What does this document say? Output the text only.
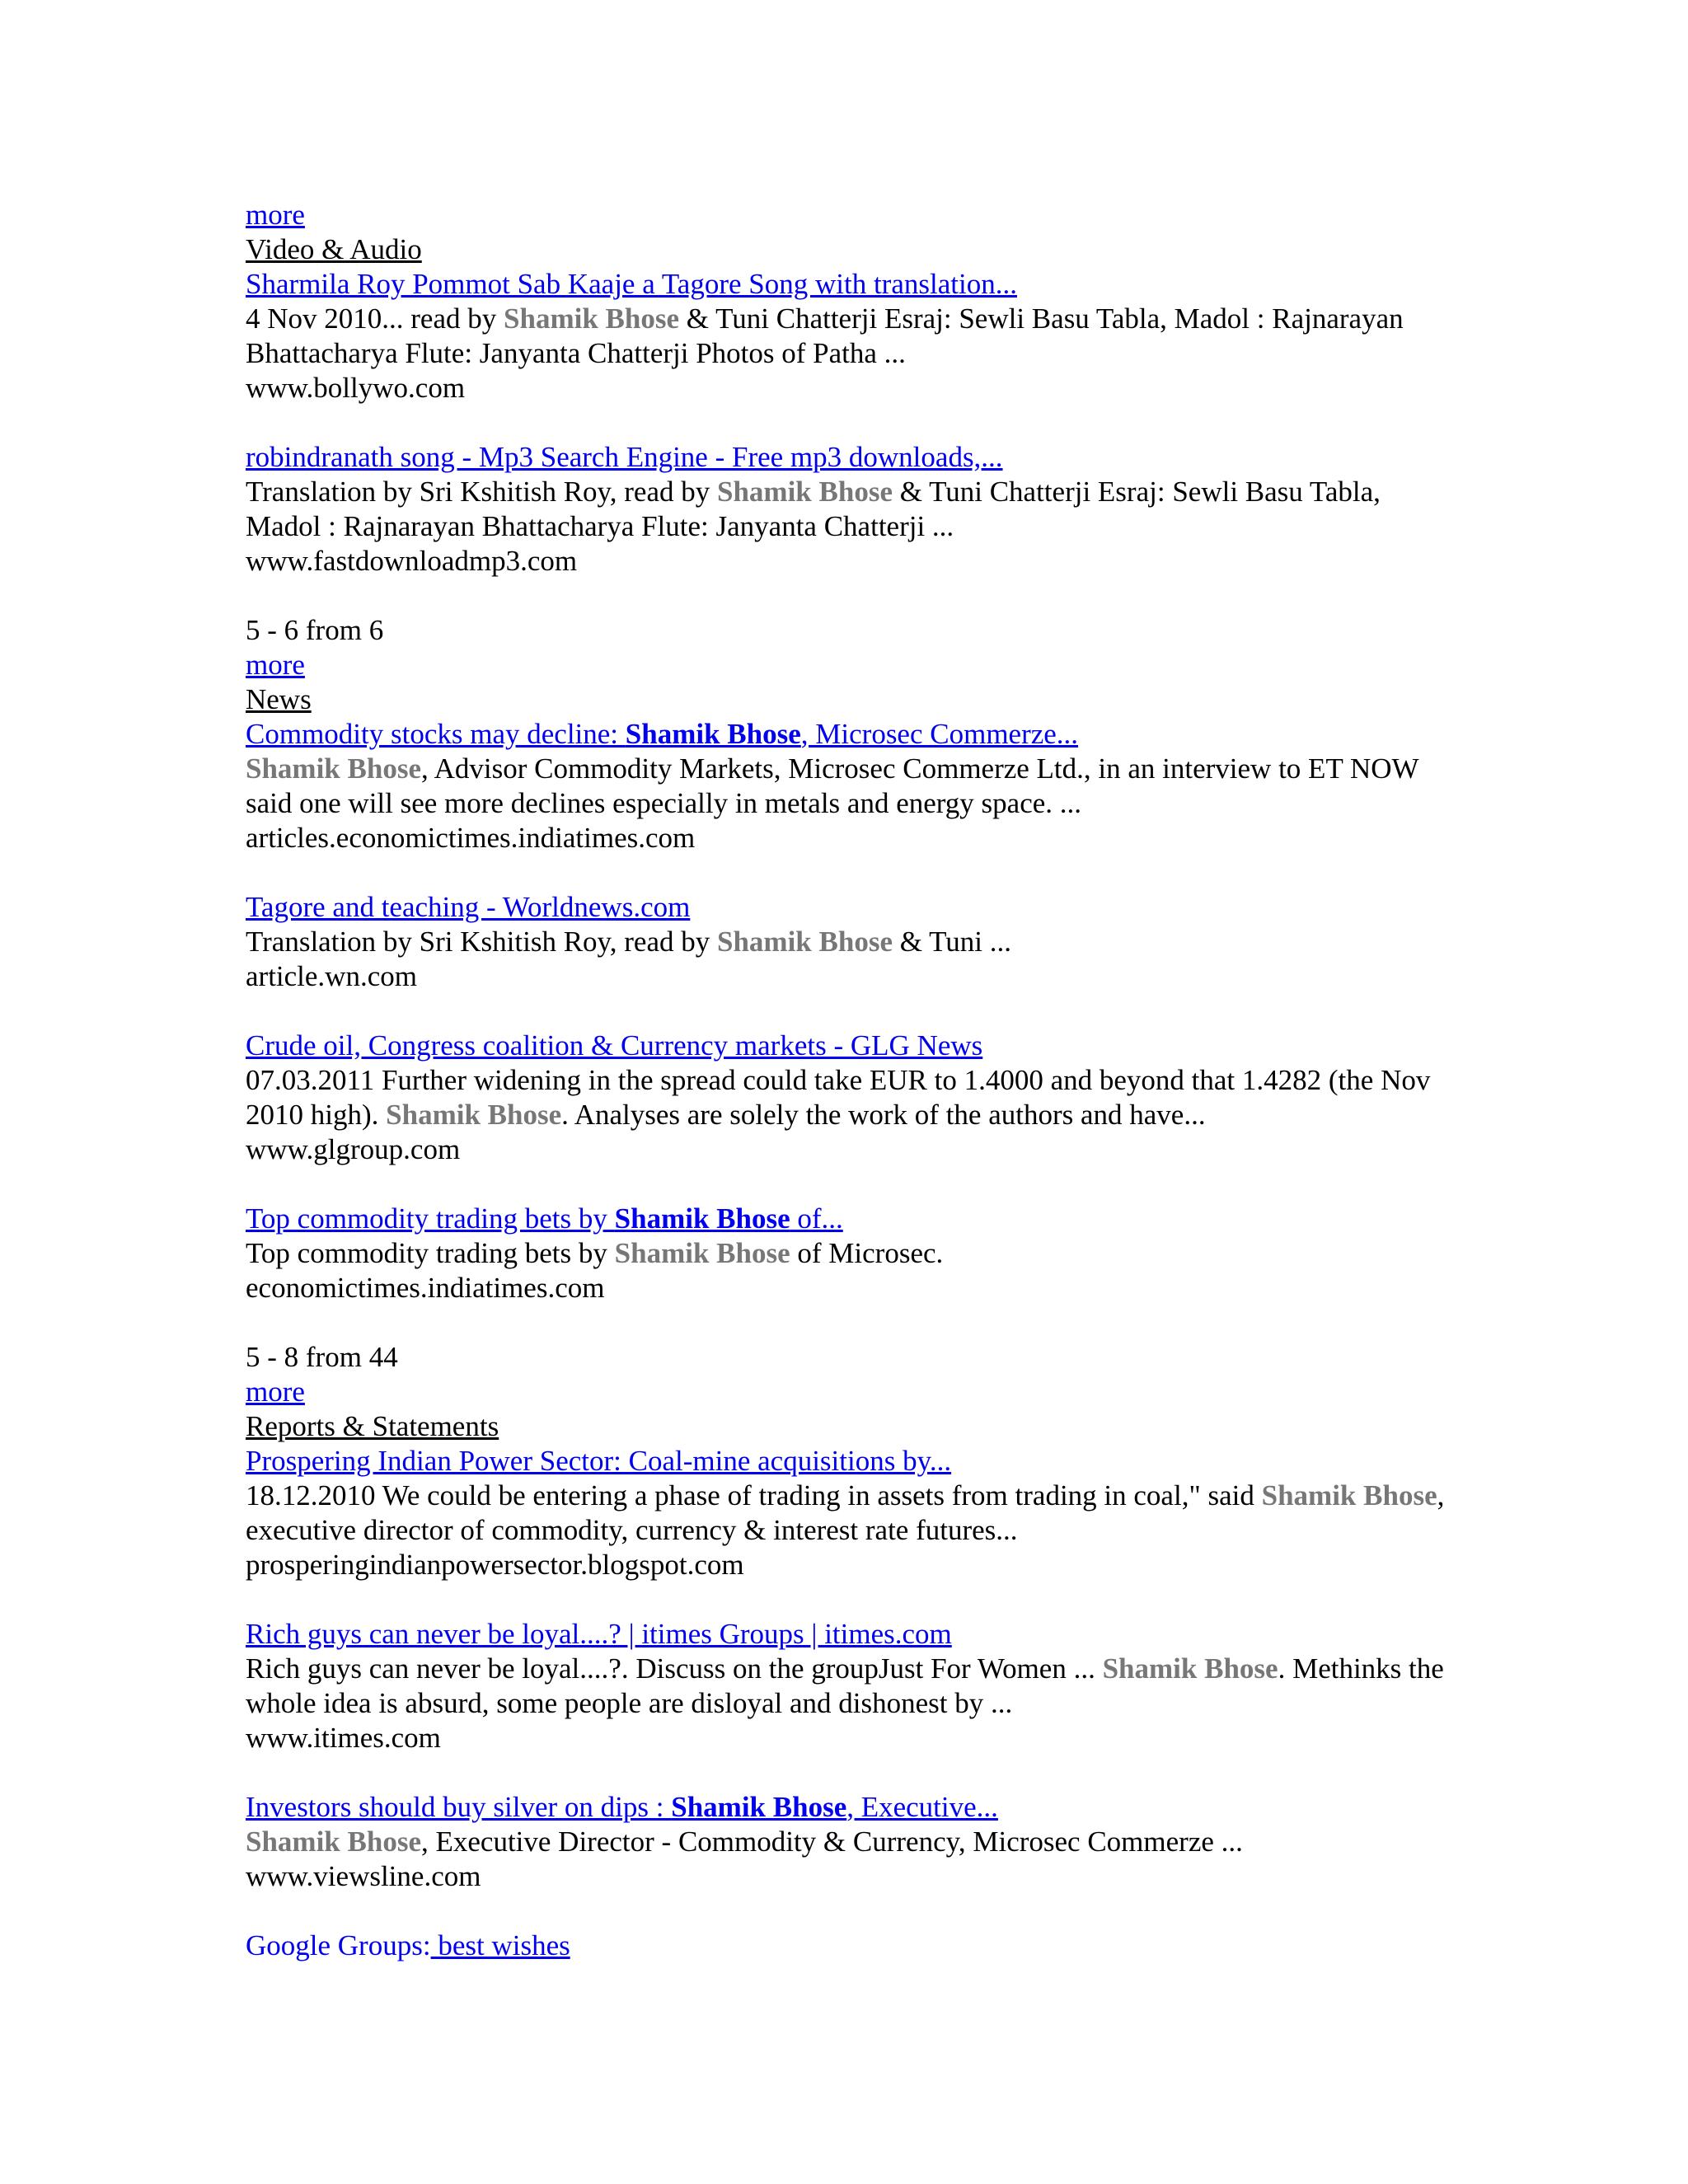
more
Video & Audio
Sharmila Roy Pommot Sab Kaaje a Tagore Song with translation...
4 Nov 2010... read by Shamik Bhose & Tuni Chatterji Esraj: Sewli Basu Tabla, Madol : Rajnarayan Bhattacharya Flute: Janyanta Chatterji Photos of Patha ...
www.bollywo.com
robindranath song - Mp3 Search Engine - Free mp3 downloads,...
Translation by Sri Kshitish Roy, read by Shamik Bhose & Tuni Chatterji Esraj: Sewli Basu Tabla, Madol : Rajnarayan Bhattacharya Flute: Janyanta Chatterji ...
www.fastdownloadmp3.com
5 - 6 from 6
more
News
Commodity stocks may decline: Shamik Bhose, Microsec Commerze...
Shamik Bhose, Advisor Commodity Markets, Microsec Commerze Ltd., in an interview to ET NOW said one will see more declines especially in metals and energy space. ...
articles.economictimes.indiatimes.com
Tagore and teaching - Worldnews.com
Translation by Sri Kshitish Roy, read by Shamik Bhose & Tuni ...
article.wn.com
Crude oil, Congress coalition & Currency markets - GLG News
07.03.2011 Further widening in the spread could take EUR to 1.4000 and beyond that 1.4282 (the Nov 2010 high). Shamik Bhose. Analyses are solely the work of the authors and have...
www.glgroup.com
Top commodity trading bets by Shamik Bhose of...
Top commodity trading bets by Shamik Bhose of Microsec.
economictimes.indiatimes.com
5 - 8 from 44
more
Reports & Statements
Prospering Indian Power Sector: Coal-mine acquisitions by...
18.12.2010 We could be entering a phase of trading in assets from trading in coal," said Shamik Bhose, executive director of commodity, currency & interest rate futures...
prosperingindianpowersector.blogspot.com
Rich guys can never be loyal....? | itimes Groups | itimes.com
Rich guys can never be loyal....?. Discuss on the groupJust For Women ... Shamik Bhose. Methinks the whole idea is absurd, some people are disloyal and dishonest by ...
www.itimes.com
Investors should buy silver on dips : Shamik Bhose, Executive...
Shamik Bhose, Executive Director - Commodity & Currency, Microsec Commerze ...
www.viewsline.com
Google Groups: best wishes
